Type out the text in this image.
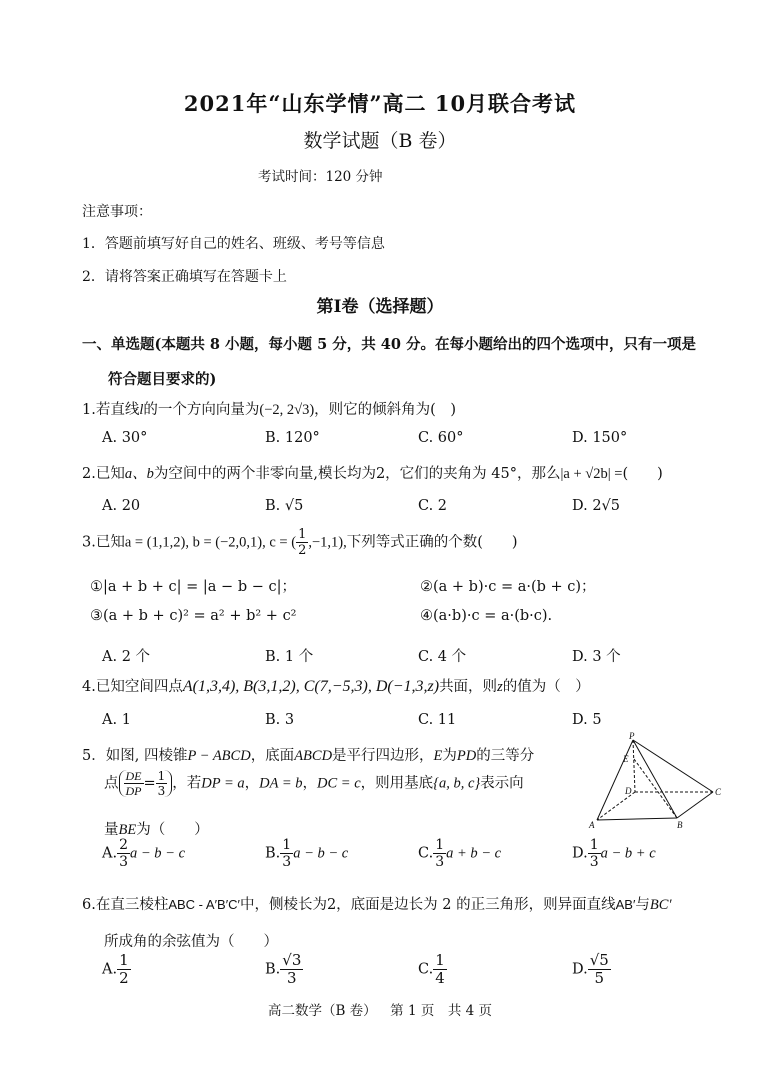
2021年“山东学情”高二 10月联合考试
数学试题（B 卷）
考试时间：120 分钟
注意事项：
1．答题前填写好自己的姓名、班级、考号等信息
2．请将答案正确填写在答题卡上
第Ⅰ卷（选择题）
一、单选题(本题共 8 小题，每小题 5 分，共 40 分。在每小题给出的四个选项中，只有一项是
符合题目要求的)
1.若直线l的一个方向向量为(−2, 2√3)，则它的倾斜角为( )
A. 30°	B. 120°	C. 60°	D. 150°
2.已知a、b为空间中的两个非零向量,模长均为2，它们的夹角为 45°，那么|a + √2b| =(  )
A. 20	B. √5	C. 2	D. 2√5
3.已知a = (1,1,2), b = (−2,0,1), c = ( $\frac{1}{2} ,-1,1$),下列等式正确的个数(  )
①|a + b + c| = |a − b − c|；	②(a + b)·c = a·(b + c)；
③(a + b + c)² = a² + b² + c²	④(a·b)·c = a·(b·c).
A. 2 个	B. 1 个	C. 4 个	D. 3 个
4.已知空间四点A(1,3,4), B(3,1,2), C(7,−5,3), D(−1,3,z)共面，则z的值为（ ）
A. 1	B. 3	C. 11	D. 5
5．如图, 四棱锥P − ABCD，底面ABCD是平行四边形，E为PD的三等分
点 $\frac{DE}{DP} = \frac{1}{3}$ ，若DP = a，DA = b，DC = c，则用基底{a, b, c}表示向
量BE为（  ）
A. $\frac{2}{3}$ a − b − c	B. $\frac{1}{3}$ a − b − c	C. $\frac{1}{3}$ a + b − c	D. $\frac{1}{3}$ a − b + c
P
E
D
A	B
C
6.在直三棱柱ABC - A′B′C′中，侧棱长为2，底面是边长为 2 的正三角形，则异面直线AB′与BC′
所成角的余弦值为（  ）
A. $\frac{1}{2}$	B. $\frac{√3}{3}$	C. $\frac{1}{4}$	D. $\frac{√5}{5}$
高二数学（B 卷） 第 1 页 共 4 页
